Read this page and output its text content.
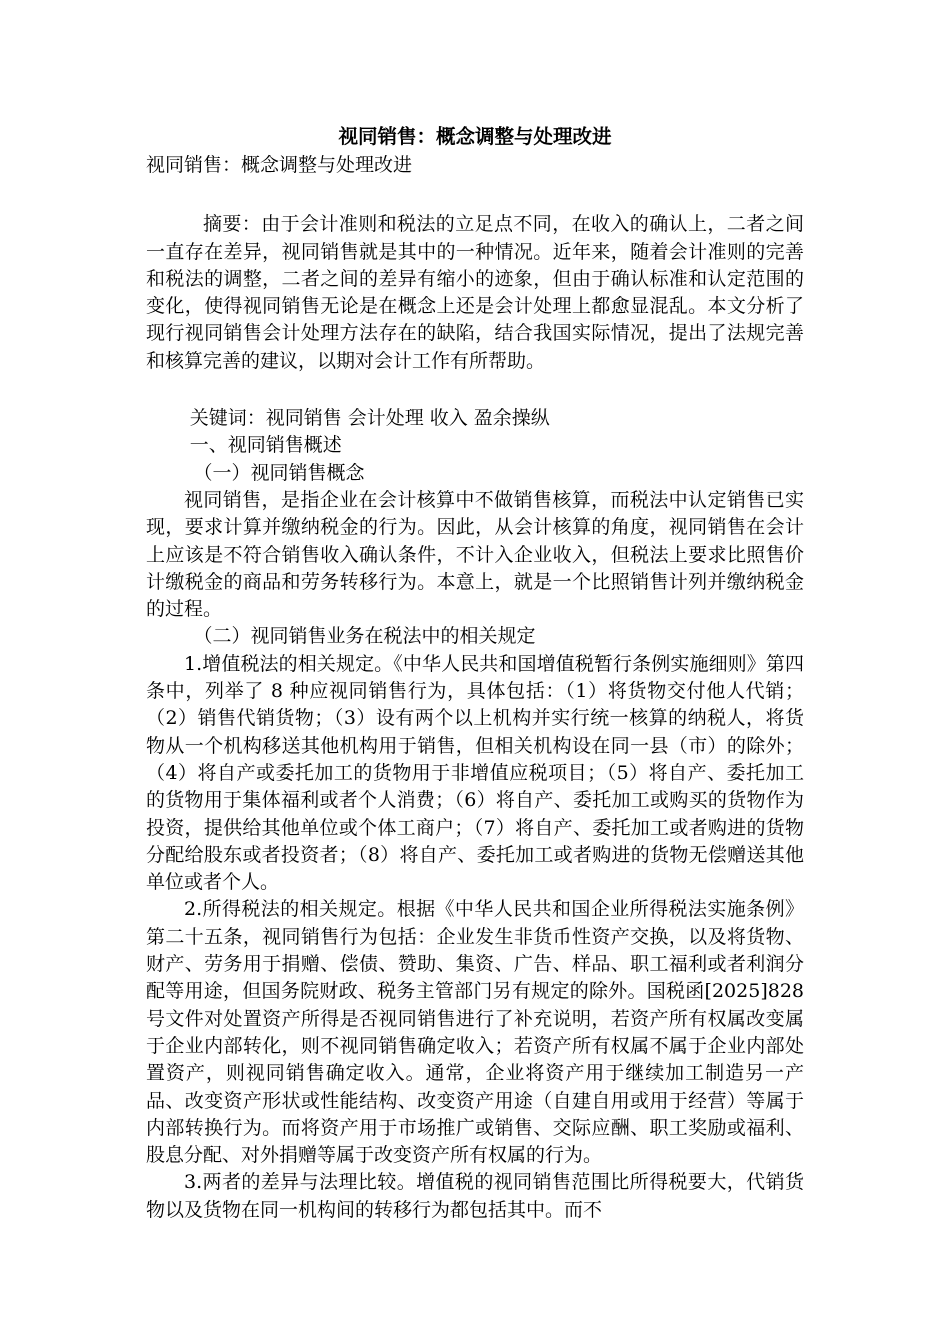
视同销售：概念调整与处理改进

视同销售：概念调整与处理改进

摘要：由于会计准则和税法的立足点不同，在收入的确认上，二者之间一直存在差异，视同销售就是其中的一种情况。近年来，随着会计准则的完善和税法的调整，二者之间的差异有缩小的迹象，但由于确认标准和认定范围的变化，使得视同销售无论是在概念上还是会计处理上都愈显混乱。本文分析了现行视同销售会计处理方法存在的缺陷，结合我国实际情况，提出了法规完善和核算完善的建议，以期对会计工作有所帮助。

关键词：视同销售 会计处理 收入 盈余操纵

一、视同销售概述

（一）视同销售概念

视同销售，是指企业在会计核算中不做销售核算，而税法中认定销售已实现，要求计算并缴纳税金的行为。因此，从会计核算的角度，视同销售在会计上应该是不符合销售收入确认条件，不计入企业收入，但税法上要求比照售价计缴税金的商品和劳务转移行为。本意上，就是一个比照销售计列并缴纳税金的过程。

（二）视同销售业务在税法中的相关规定

1.增值税法的相关规定。《中华人民共和国增值税暂行条例实施细则》第四条中，列举了 8 种应视同销售行为，具体包括：（1）将货物交付他人代销；（2）销售代销货物；（3）设有两个以上机构并实行统一核算的纳税人，将货物从一个机构移送其他机构用于销售，但相关机构设在同一县（市）的除外；（4）将自产或委托加工的货物用于非增值应税项目；（5）将自产、委托加工的货物用于集体福利或者个人消费；（6）将自产、委托加工或购买的货物作为投资，提供给其他单位或个体工商户；（7）将自产、委托加工或者购进的货物分配给股东或者投资者；（8）将自产、委托加工或者购进的货物无偿赠送其他单位或者个人。

2.所得税法的相关规定。根据《中华人民共和国企业所得税法实施条例》第二十五条，视同销售行为包括：企业发生非货币性资产交换，以及将货物、财产、劳务用于捐赠、偿债、赞助、集资、广告、样品、职工福利或者利润分配等用途，但国务院财政、税务主管部门另有规定的除外。国税函[2025]828 号文件对处置资产所得是否视同销售进行了补充说明，若资产所有权属改变属于企业内部转化，则不视同销售确定收入；若资产所有权属不属于企业内部处置资产，则视同销售确定收入。通常，企业将资产用于继续加工制造另一产品、改变资产形状或性能结构、改变资产用途（自建自用或用于经营）等属于内部转换行为。而将资产用于市场推广或销售、交际应酬、职工奖励或福利、股息分配、对外捐赠等属于改变资产所有权属的行为。

3.两者的差异与法理比较。增值税的视同销售范围比所得税要大，代销货物以及货物在同一机构间的转移行为都包括其中。而不
